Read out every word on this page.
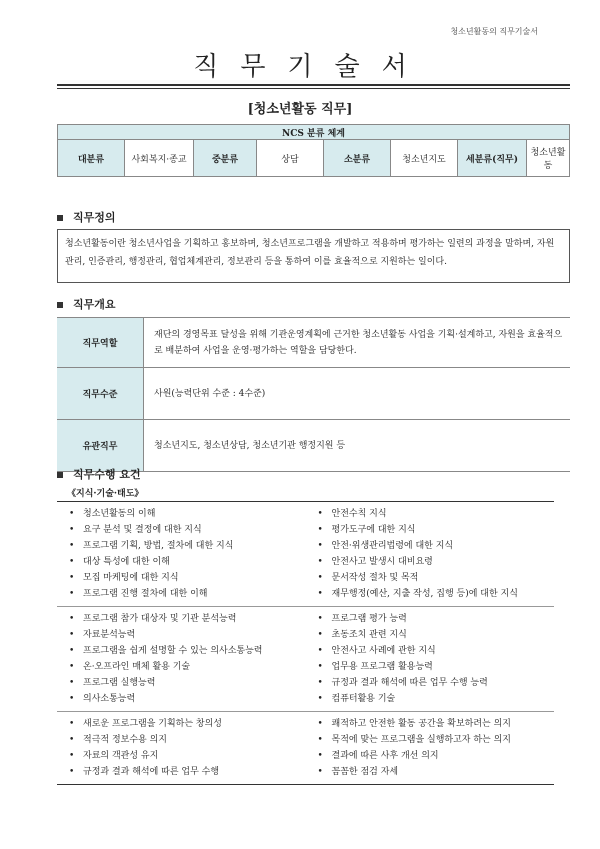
청소년활동의 직무기술서
직무기술서
[청소년활동 직무]
NCS 분류 체계
대분류	사회복지·종교	중분류	상담	소분류	청소년지도	세분류(직무)	청소년활동
직무정의
청소년활동이란 청소년사업을 기획하고 홍보하며, 청소년프로그램을 개발하고 적용하며 평가하는 일련의 과정을 말하며, 자원관리, 인증관리, 행정관리, 협업체계관리, 정보관리 등을 통하여 이를 효율적으로 지원하는 일이다.
직무개요
직무역할	재단의 경영목표 달성을 위해 기관운영계획에 근거한 청소년활동 사업을 기획·설계하고, 자원을 효율적으로 배분하여 사업을 운영·평가하는 역할을 담당한다.
직무수준	사원(능력단위 수준 : 4수준)
유관직무	청소년지도, 청소년상담, 청소년기관 행정지원 등
직무수행 요건
《지식·기술·태도》
• 청소년활동의 이해
• 요구 분석 및 결정에 대한 지식
• 프로그램 기획, 방법, 절차에 대한 지식
• 대상 특성에 대한 이해
• 모집 마케팅에 대한 지식
• 프로그램 진행 절차에 대한 이해
• 안전수칙 지식
• 평가도구에 대한 지식
• 안전·위생관리법령에 대한 지식
• 안전사고 발생시 대비요령
• 문서작성 절차 및 목적
• 재무행정(예산, 지출 작성, 집행 등)에 대한 지식
• 프로그램 참가 대상자 및 기관 분석능력
• 자료분석능력
• 프로그램을 쉽게 설명할 수 있는 의사소통능력
• 온·오프라인 매체 활용 기술
• 프로그램 실행능력
• 의사소통능력
• 프로그램 평가 능력
• 초동조치 관련 지식
• 안전사고 사례에 관한 지식
• 업무용 프로그램 활용능력
• 규정과 결과 해석에 따른 업무 수행 능력
• 컴퓨터활용 기술
• 새로운 프로그램을 기획하는 창의성
• 적극적 정보수용 의지
• 자료의 객관성 유지
• 규정과 결과 해석에 따른 업무 수행
• 쾌적하고 안전한 활동 공간을 확보하려는 의지
• 목적에 맞는 프로그램을 실행하고자 하는 의지
• 결과에 따른 사후 개선 의지
• 꼼꼼한 점검 자세
